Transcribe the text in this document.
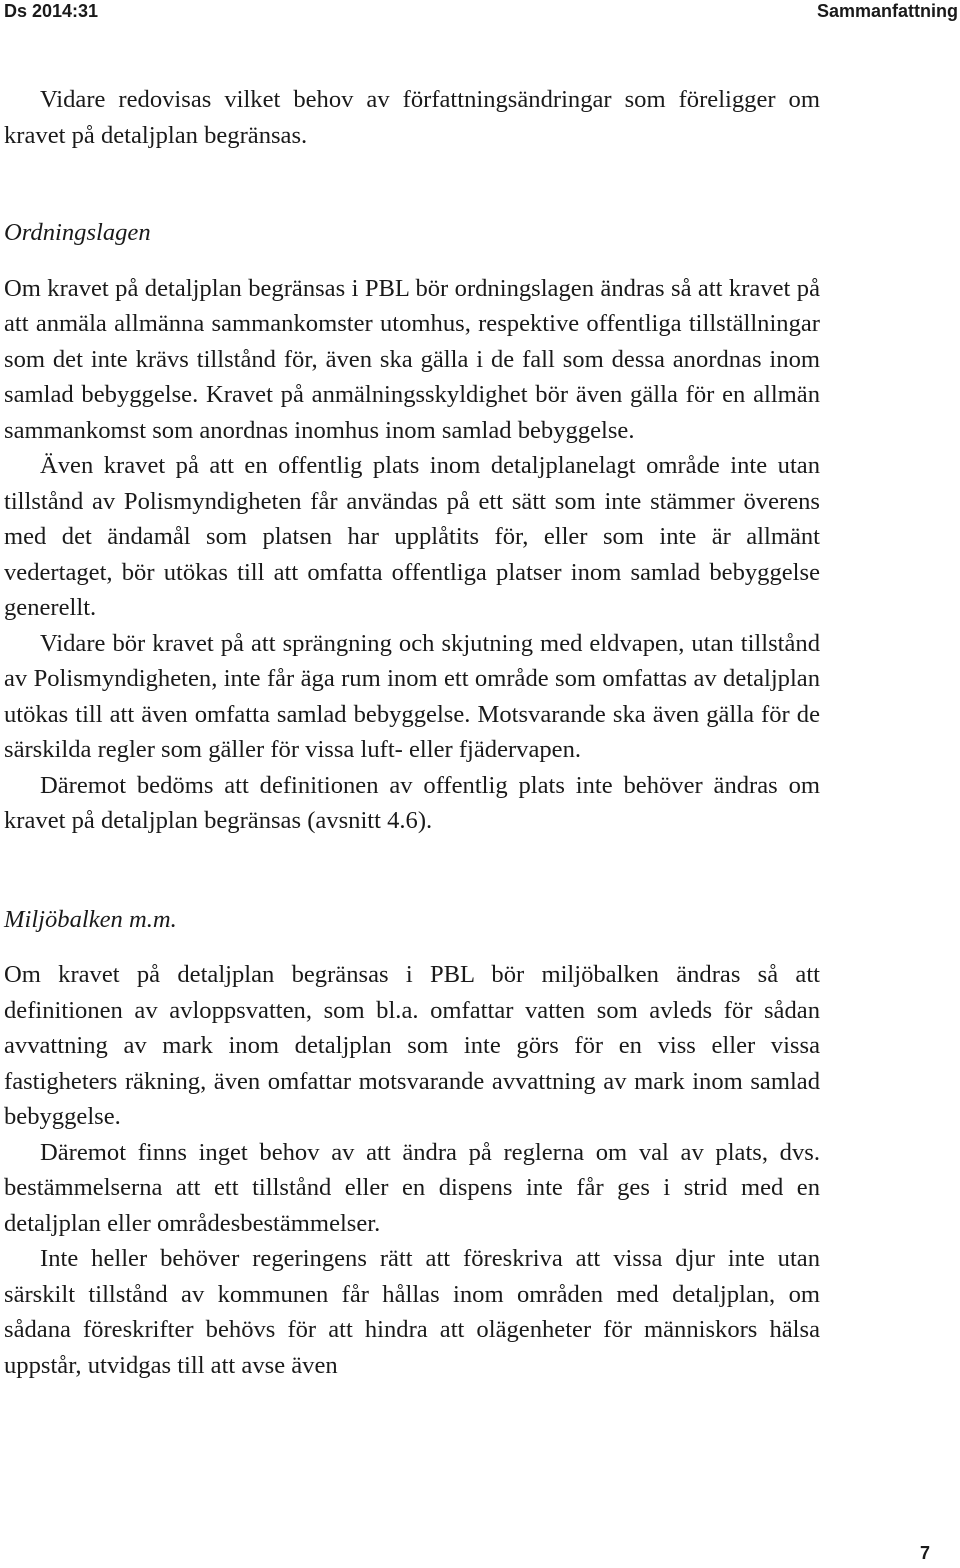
Ds 2014:31	Sammanfattning

Vidare redovisas vilket behov av författningsändringar som föreligger om kravet på detaljplan begränsas.

Ordningslagen

Om kravet på detaljplan begränsas i PBL bör ordningslagen ändras så att kravet på att anmäla allmänna sammankomster utomhus, respektive offentliga tillställningar som det inte krävs tillstånd för, även ska gälla i de fall som dessa anordnas inom samlad bebyggelse. Kravet på anmälningsskyldighet bör även gälla för en allmän sammankomst som anordnas inomhus inom samlad bebyggelse.

Även kravet på att en offentlig plats inom detaljplanelagt område inte utan tillstånd av Polismyndigheten får användas på ett sätt som inte stämmer överens med det ändamål som platsen har upplåtits för, eller som inte är allmänt vedertaget, bör utökas till att omfatta offentliga platser inom samlad bebyggelse generellt.

Vidare bör kravet på att sprängning och skjutning med eldvapen, utan tillstånd av Polismyndigheten, inte får äga rum inom ett område som omfattas av detaljplan utökas till att även omfatta samlad bebyggelse. Motsvarande ska även gälla för de särskilda regler som gäller för vissa luft- eller fjädervapen.

Däremot bedöms att definitionen av offentlig plats inte behöver ändras om kravet på detaljplan begränsas (avsnitt 4.6).

Miljöbalken m.m.

Om kravet på detaljplan begränsas i PBL bör miljöbalken ändras så att definitionen av avloppsvatten, som bl.a. omfattar vatten som avleds för sådan avvattning av mark inom detaljplan som inte görs för en viss eller vissa fastigheters räkning, även omfattar motsvarande avvattning av mark inom samlad bebyggelse.

Däremot finns inget behov av att ändra på reglerna om val av plats, dvs. bestämmelserna att ett tillstånd eller en dispens inte får ges i strid med en detaljplan eller områdesbestämmelser.

Inte heller behöver regeringens rätt att föreskriva att vissa djur inte utan särskilt tillstånd av kommunen får hållas inom områden med detaljplan, om sådana föreskrifter behövs för att hindra att olägenheter för människors hälsa uppstår, utvidgas till att avse även

7
